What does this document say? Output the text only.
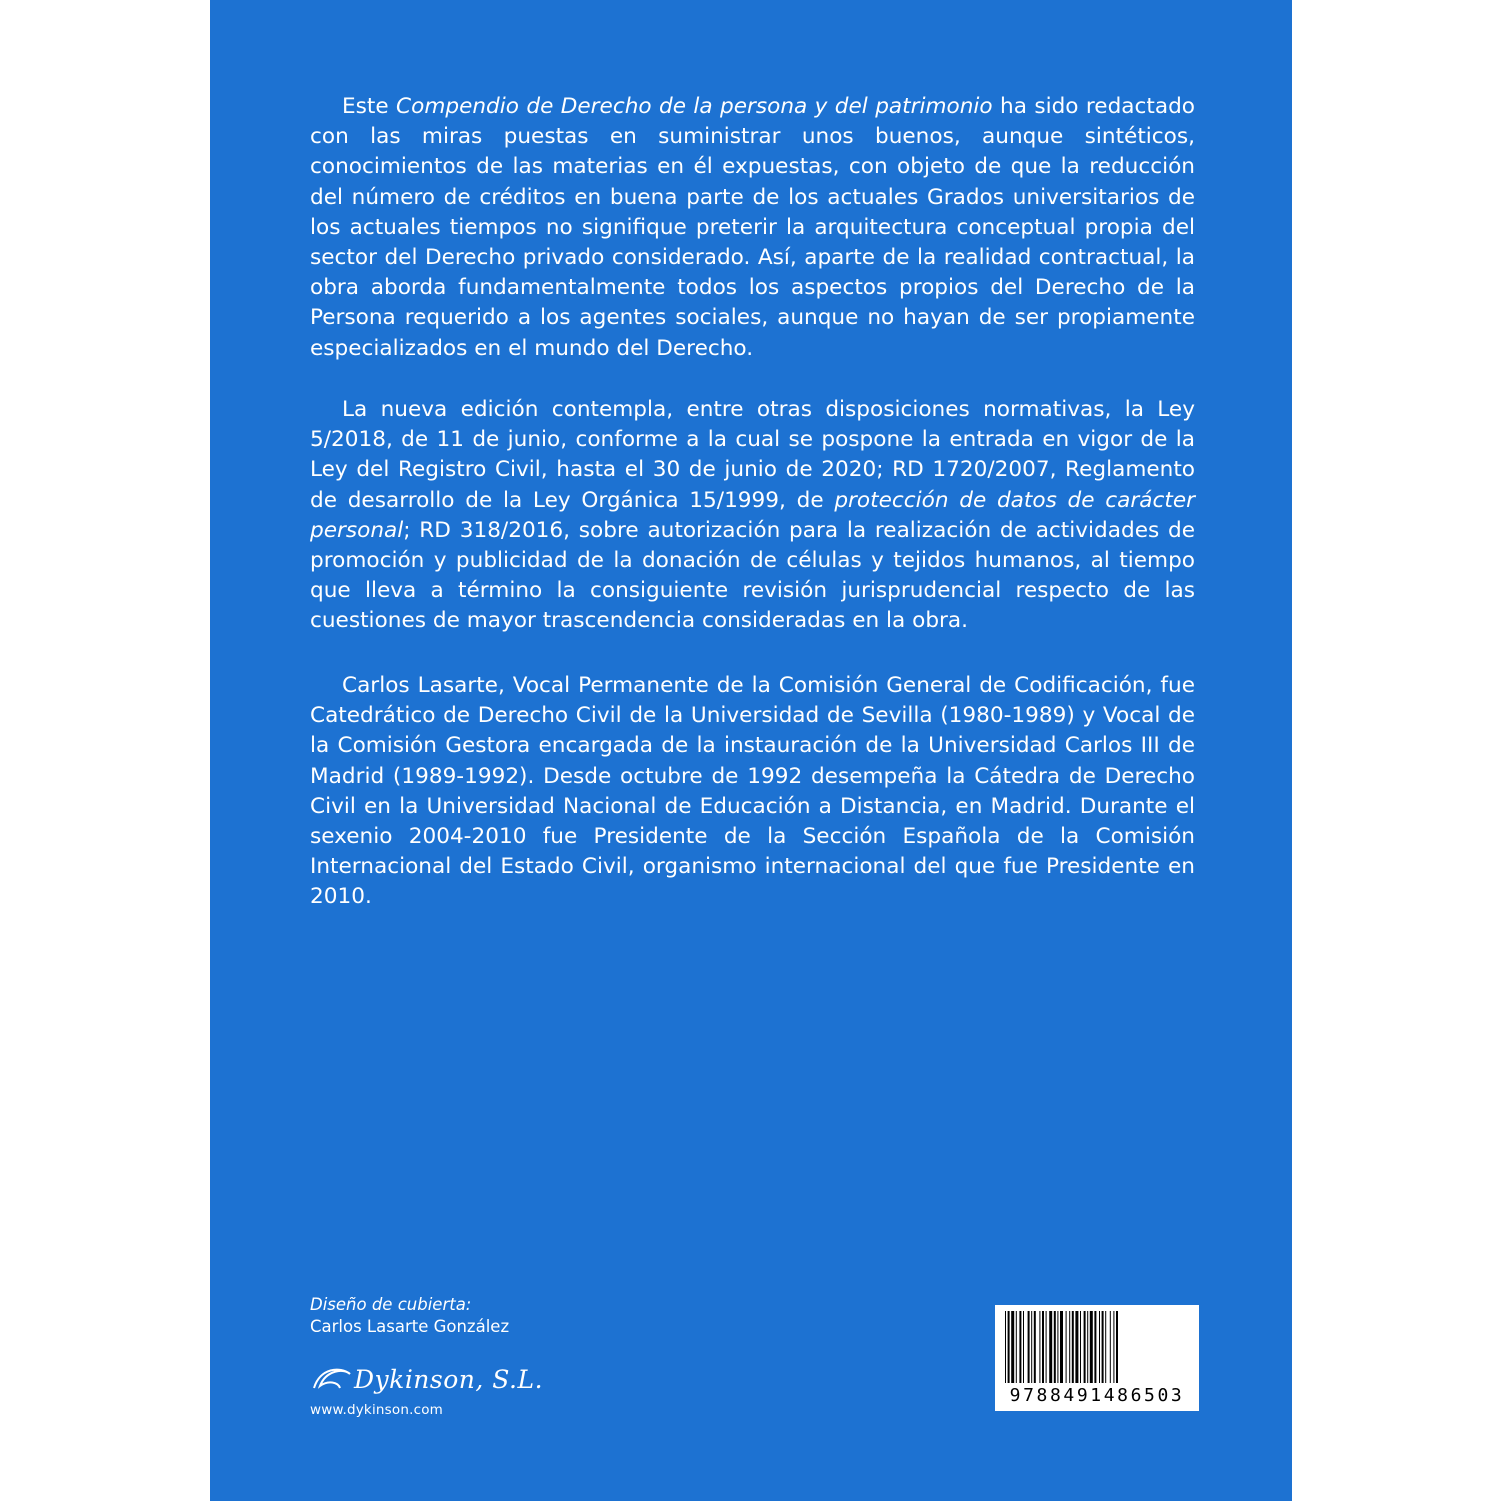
Este Compendio de Derecho de la persona y del patrimonio ha sido redactado con las miras puestas en suministrar unos buenos, aunque sintéticos, conocimientos de las materias en él expuestas, con objeto de que la reducción del número de créditos en buena parte de los actuales Grados universitarios de los actuales tiempos no signifique preterir la arquitectura conceptual propia del sector del Derecho privado considerado. Así, aparte de la realidad contractual, la obra aborda fundamentalmente todos los aspectos propios del Derecho de la Persona requerido a los agentes sociales, aunque no hayan de ser propiamente especializados en el mundo del Derecho.

La nueva edición contempla, entre otras disposiciones normativas, la Ley 5/2018, de 11 de junio, conforme a la cual se pospone la entrada en vigor de la Ley del Registro Civil, hasta el 30 de junio de 2020; RD 1720/2007, Reglamento de desarrollo de la Ley Orgánica 15/1999, de protección de datos de carácter personal; RD 318/2016, sobre autorización para la realización de actividades de promoción y publicidad de la donación de células y tejidos humanos, al tiempo que lleva a término la consiguiente revisión jurisprudencial respecto de las cuestiones de mayor trascendencia consideradas en la obra.

Carlos Lasarte, Vocal Permanente de la Comisión General de Codificación, fue Catedrático de Derecho Civil de la Universidad de Sevilla (1980-1989) y Vocal de la Comisión Gestora encargada de la instauración de la Universidad Carlos III de Madrid (1989-1992). Desde octubre de 1992 desempeña la Cátedra de Derecho Civil en la Universidad Nacional de Educación a Distancia, en Madrid. Durante el sexenio 2004-2010 fue Presidente de la Sección Española de la Comisión Internacional del Estado Civil, organismo internacional del que fue Presidente en 2010.

Diseño de cubierta:
Carlos Lasarte González
Dykinson, S.L.
www.dykinson.com
9788491486503
